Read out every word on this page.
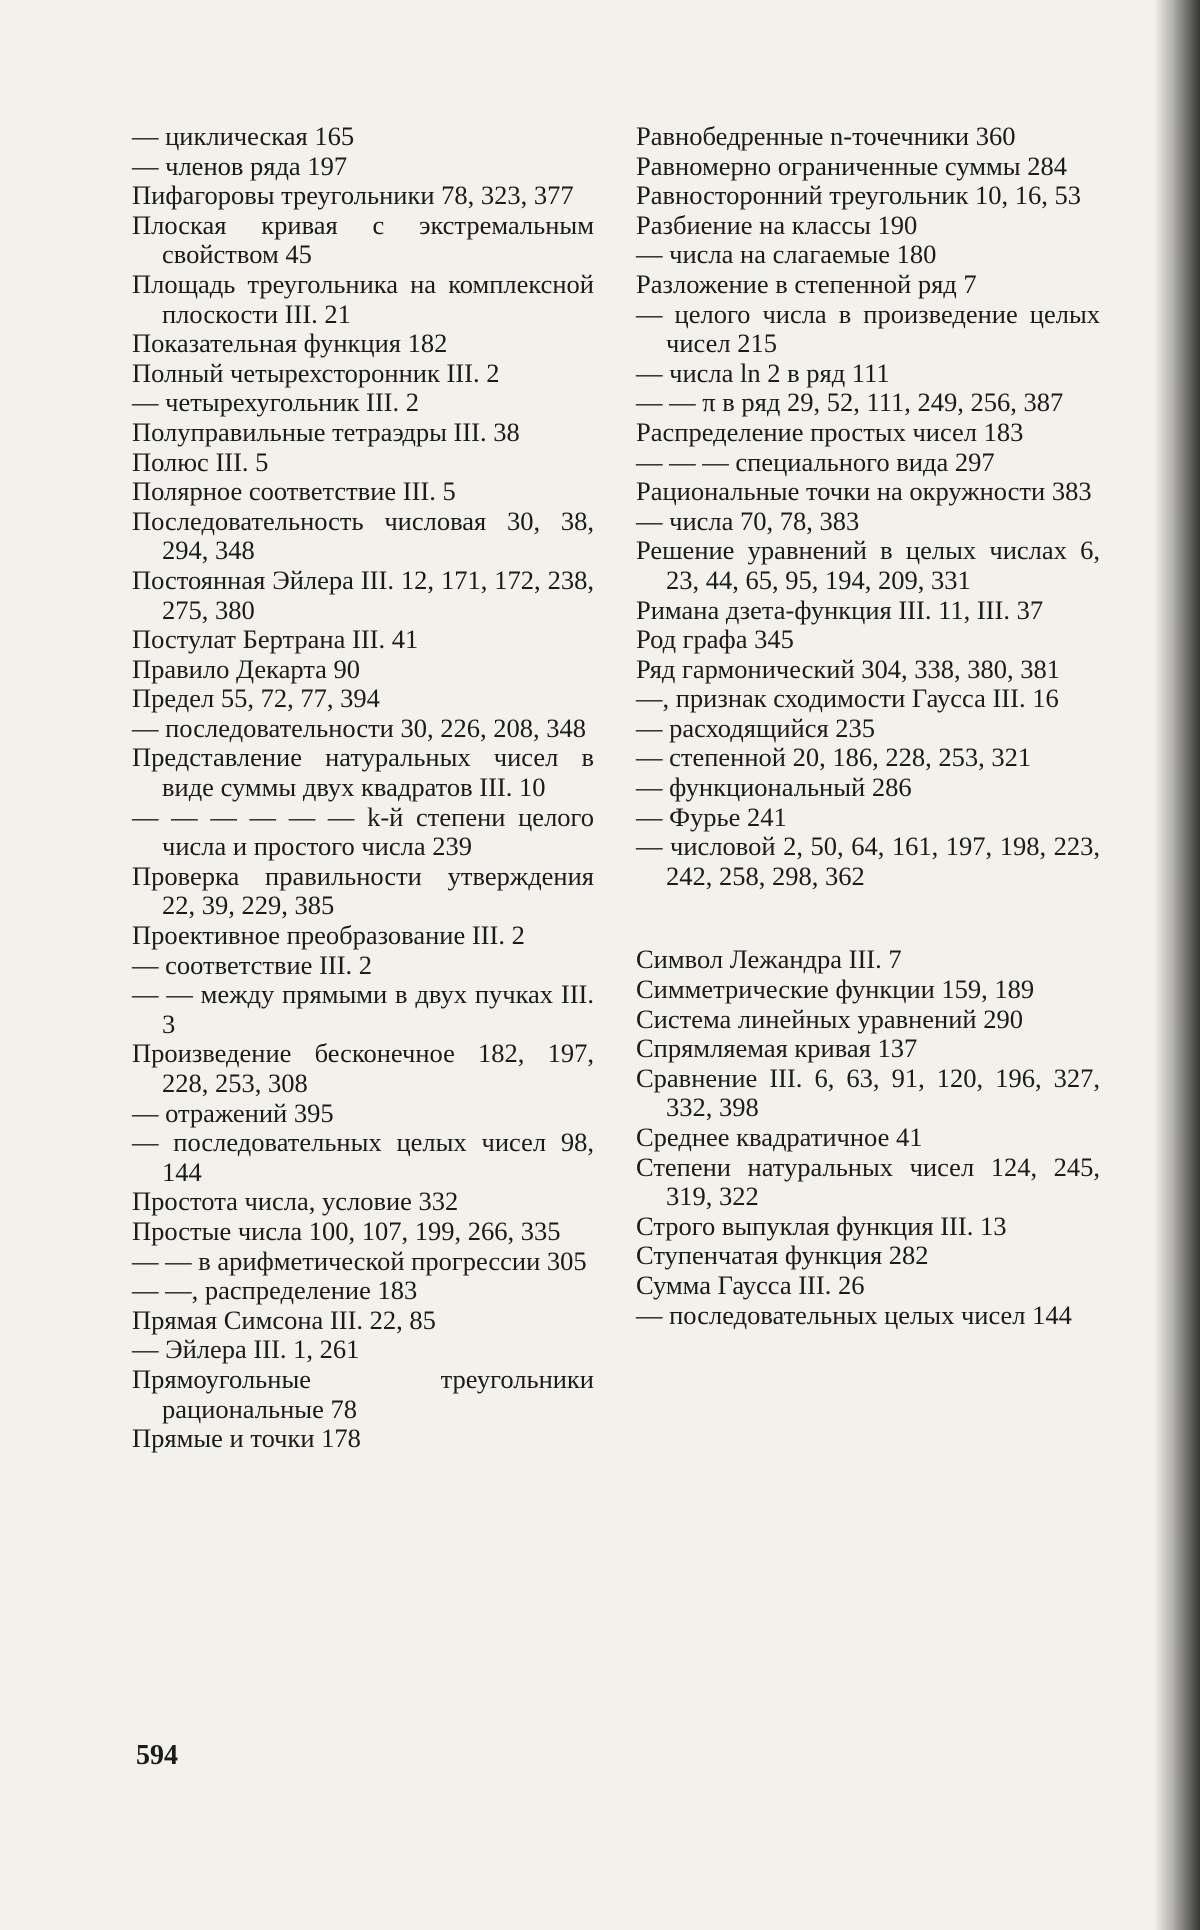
— циклическая 165

— членов ряда 197

Пифагоровы треугольники 78, 323, 377

Плоская кривая с экстремальным свойством 45

Площадь треугольника на комплексной плоскости III. 21

Показательная функция 182

Полный четырехсторонник III. 2

— четырехугольник III. 2

Полуправильные тетраэдры III. 38

Полюс III. 5

Полярное соответствие III. 5

Последовательность числовая 30, 38, 294, 348

Постоянная Эйлера III. 12, 171, 172, 238, 275, 380

Постулат Бертрана III. 41

Правило Декарта 90

Предел 55, 72, 77, 394

— последовательности 30, 226, 208, 348

Представление натуральных чисел в виде суммы двух квадратов III. 10

— — — — — — k-й степени целого числа и простого числа 239

Проверка правильности утверждения 22, 39, 229, 385

Проективное преобразование III. 2

— соответствие III. 2

— — между прямыми в двух пучках III. 3

Произведение бесконечное 182, 197, 228, 253, 308

— отражений 395

— последовательных целых чисел 98, 144

Простота числа, условие 332

Простые числа 100, 107, 199, 266, 335

— — в арифметической прогрессии 305

— —, распределение 183

Прямая Симсона III. 22, 85

— Эйлера III. 1, 261

Прямоугольные треугольники рациональные 78

Прямые и точки 178

Равнобедренные n-точечники 360

Равномерно ограниченные суммы 284

Равносторонний треугольник 10, 16, 53

Разбиение на классы 190

— числа на слагаемые 180

Разложение в степенной ряд 7

— целого числа в произведение целых чисел 215

— числа ln 2 в ряд 111

— — π в ряд 29, 52, 111, 249, 256, 387

Распределение простых чисел 183

— — — специального вида 297

Рациональные точки на окружности 383

— числа 70, 78, 383

Решение уравнений в целых числах 6, 23, 44, 65, 95, 194, 209, 331

Римана дзета-функция III. 11, III. 37

Род графа 345

Ряд гармонический 304, 338, 380, 381

—, признак сходимости Гаусса III. 16

— расходящийся 235

— степенной 20, 186, 228, 253, 321

— функциональный 286

— Фурье 241

— числовой 2, 50, 64, 161, 197, 198, 223, 242, 258, 298, 362

Символ Лежандра III. 7

Симметрические функции 159, 189

Система линейных уравнений 290

Спрямляемая кривая 137

Сравнение III. 6, 63, 91, 120, 196, 327, 332, 398

Среднее квадратичное 41

Степени натуральных чисел 124, 245, 319, 322

Строго выпуклая функция III. 13

Ступенчатая функция 282

Сумма Гаусса III. 26

— последовательных целых чисел 144

594
